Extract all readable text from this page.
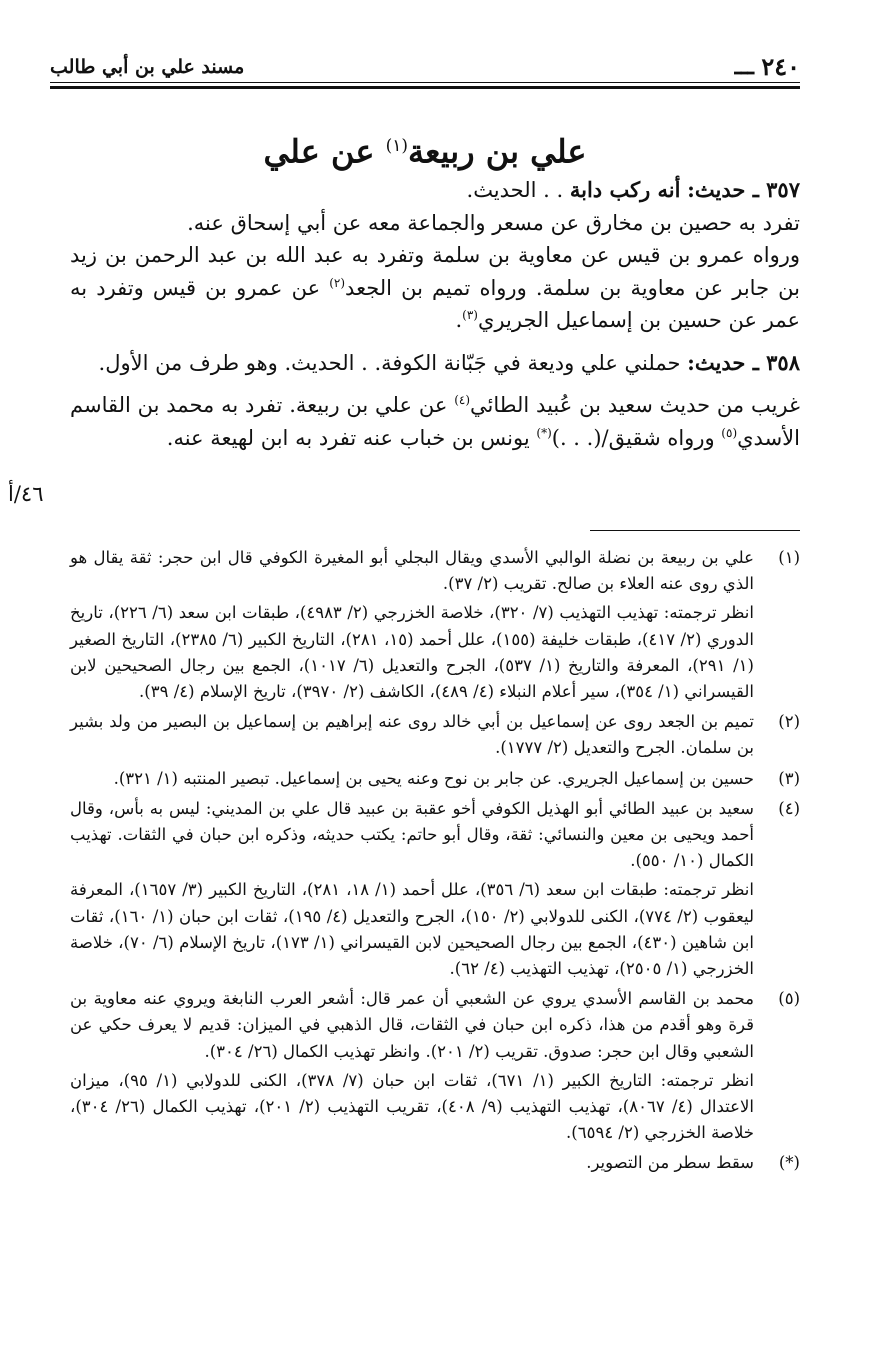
٢٤٠
ـــ
مسند علي بن أبي طالب
علي بن ربيعة$^{(١)}$ عن علي

٣٥٧ ـ حديث: أنه ركب دابة . . الحديث.

تفرد به حصين بن مخارق عن مسعر والجماعة معه عن أبي إسحاق عنه.

ورواه عمرو بن قيس عن معاوية بن سلمة وتفرد به عبد الله بن عبد الرحمن بن زيد بن جابر عن معاوية بن سلمة. ورواه تميم بن الجعد$^{(٢)}$ عن عمرو بن قيس وتفرد به عمر عن حسين بن إسماعيل الجريري$^{(٣)}$.

٣٥٨ ـ حديث: حملني علي وديعة في جَبّانة الكوفة. . الحديث. وهو طرف من الأول.

غريب من حديث سعيد بن عُبيد الطائي$^{(٤)}$ عن علي بن ربيعة. تفرد به محمد بن القاسم الأسدي$^{(٥)}$ ورواه شقيق/(. . .)(*) يونس بن خباب عنه تفرد به ابن لهيعة عنه.

٤٦/أ
(١)

علي بن ربيعة بن نضلة الوالبي الأسدي ويقال البجلي أبو المغيرة الكوفي قال ابن حجر: ثقة يقال هو الذي روى عنه العلاء بن صالح. تقريب (٢/ ٣٧).

انظر ترجمته: تهذيب التهذيب (٧/ ٣٢٠)، خلاصة الخزرجي (٢/ ٤٩٨٣)، طبقات ابن سعد (٦/ ٢٢٦)، تاريخ الدوري (٢/ ٤١٧)، طبقات خليفة (١٥٥)، علل أحمد (١٥، ٢٨١)، التاريخ الكبير (٦/ ٢٣٨٥)، التاريخ الصغير (١/ ٢٩١)، المعرفة والتاريخ (١/ ٥٣٧)، الجرح والتعديل (٦/ ١٠١٧)، الجمع بين رجال الصحيحين لابن القيسراني (١/ ٣٥٤)، سير أعلام النبلاء (٤/ ٤٨٩)، الكاشف (٢/ ٣٩٧٠)، تاريخ الإسلام (٤/ ٣٩).

(٢)

تميم بن الجعد روى عن إسماعيل بن أبي خالد روى عنه إبراهيم بن إسماعيل بن البصير من ولد بشير بن سلمان. الجرح والتعديل (٢/ ١٧٧٧).

(٣)

حسين بن إسماعيل الجريري. عن جابر بن نوح وعنه يحيى بن إسماعيل. تبصير المنتبه (١/ ٣٢١).

(٤)

سعيد بن عبيد الطائي أبو الهذيل الكوفي أخو عقبة بن عبيد قال علي بن المديني: ليس به بأس، وقال أحمد ويحيى بن معين والنسائي: ثقة، وقال أبو حاتم: يكتب حديثه، وذكره ابن حبان في الثقات. تهذيب الكمال (١٠/ ٥٥٠).

انظر ترجمته: طبقات ابن سعد (٦/ ٣٥٦)، علل أحمد (١/ ١٨، ٢٨١)، التاريخ الكبير (٣/ ١٦٥٧)، المعرفة ليعقوب (٢/ ٧٧٤)، الكنى للدولابي (٢/ ١٥٠)، الجرح والتعديل (٤/ ١٩٥)، ثقات ابن حبان (١/ ١٦٠)، ثقات ابن شاهين (٤٣٠)، الجمع بين رجال الصحيحين لابن القيسراني (١/ ١٧٣)، تاريخ الإسلام (٦/ ٧٠)، خلاصة الخزرجي (١/ ٢٥٠٥)، تهذيب التهذيب (٤/ ٦٢).

(٥)

محمد بن القاسم الأسدي يروي عن الشعبي أن عمر قال: أشعر العرب النابغة ويروي عنه معاوية بن قرة وهو أقدم من هذا، ذكره ابن حبان في الثقات، قال الذهبي في الميزان: قديم لا يعرف حكي عن الشعبي وقال ابن حجر: صدوق. تقريب (٢/ ٢٠١). وانظر تهذيب الكمال (٢٦/ ٣٠٤).

انظر ترجمته: التاريخ الكبير (١/ ٦٧١)، ثقات ابن حبان (٧/ ٣٧٨)، الكنى للدولابي (١/ ٩٥)، ميزان الاعتدال (٤/ ٨٠٦٧)، تهذيب التهذيب (٩/ ٤٠٨)، تقريب التهذيب (٢/ ٢٠١)، تهذيب الكمال (٢٦/ ٣٠٤)، خلاصة الخزرجي (٢/ ٦٥٩٤).

(*)

سقط سطر من التصوير.
